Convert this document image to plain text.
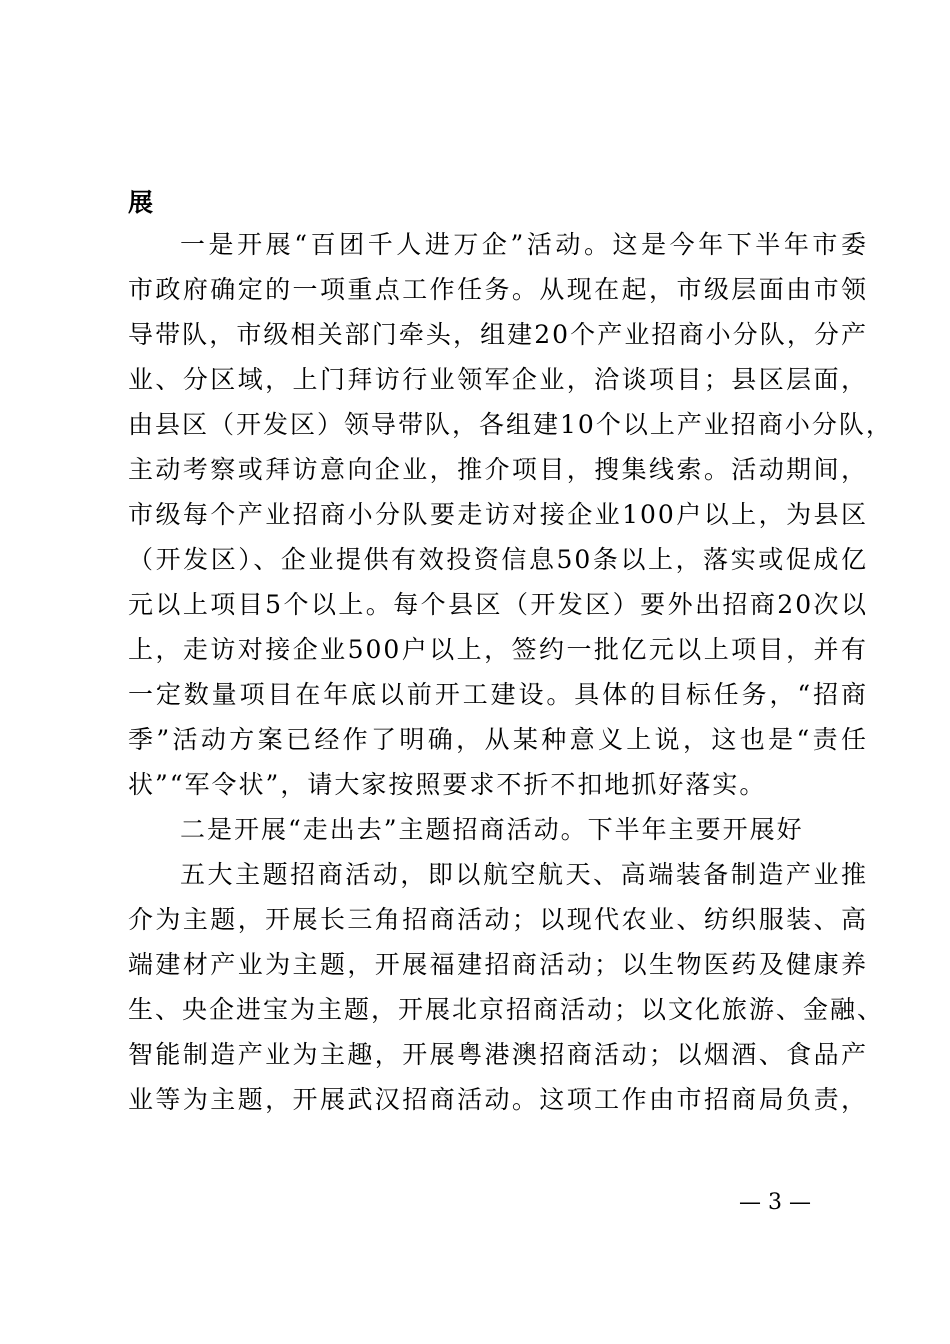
展
一是开展“百团千人进万企”活动。这是今年下半年市委
市政府确定的一项重点工作任务。从现在起，市级层面由市领
导带队，市级相关部门牵头，组建20个产业招商小分队，分产
业、分区域，上门拜访行业领军企业，洽谈项目；县区层面，
由县区（开发区）领导带队，各组建10个以上产业招商小分队，
主动考察或拜访意向企业，推介项目，搜集线索。活动期间，
市级每个产业招商小分队要走访对接企业100户以上，为县区
（开发区）、企业提供有效投资信息50条以上，落实或促成亿
元以上项目5个以上。每个县区（开发区）要外出招商20次以
上，走访对接企业500户以上，签约一批亿元以上项目，并有
一定数量项目在年底以前开工建设。具体的目标任务，“招商
季”活动方案已经作了明确，从某种意义上说，这也是“责任
状”“军令状”，请大家按照要求不折不扣地抓好落实。
二是开展“走出去”主题招商活动。下半年主要开展好
五大主题招商活动，即以航空航天、高端装备制造产业推
介为主题，开展长三角招商活动；以现代农业、纺织服装、高
端建材产业为主题，开展福建招商活动；以生物医药及健康养
生、央企进宝为主题，开展北京招商活动；以文化旅游、金融、
智能制造产业为主趣，开展粤港澳招商活动；以烟酒、食品产
业等为主题，开展武汉招商活动。这项工作由市招商局负责，
— 3 —
